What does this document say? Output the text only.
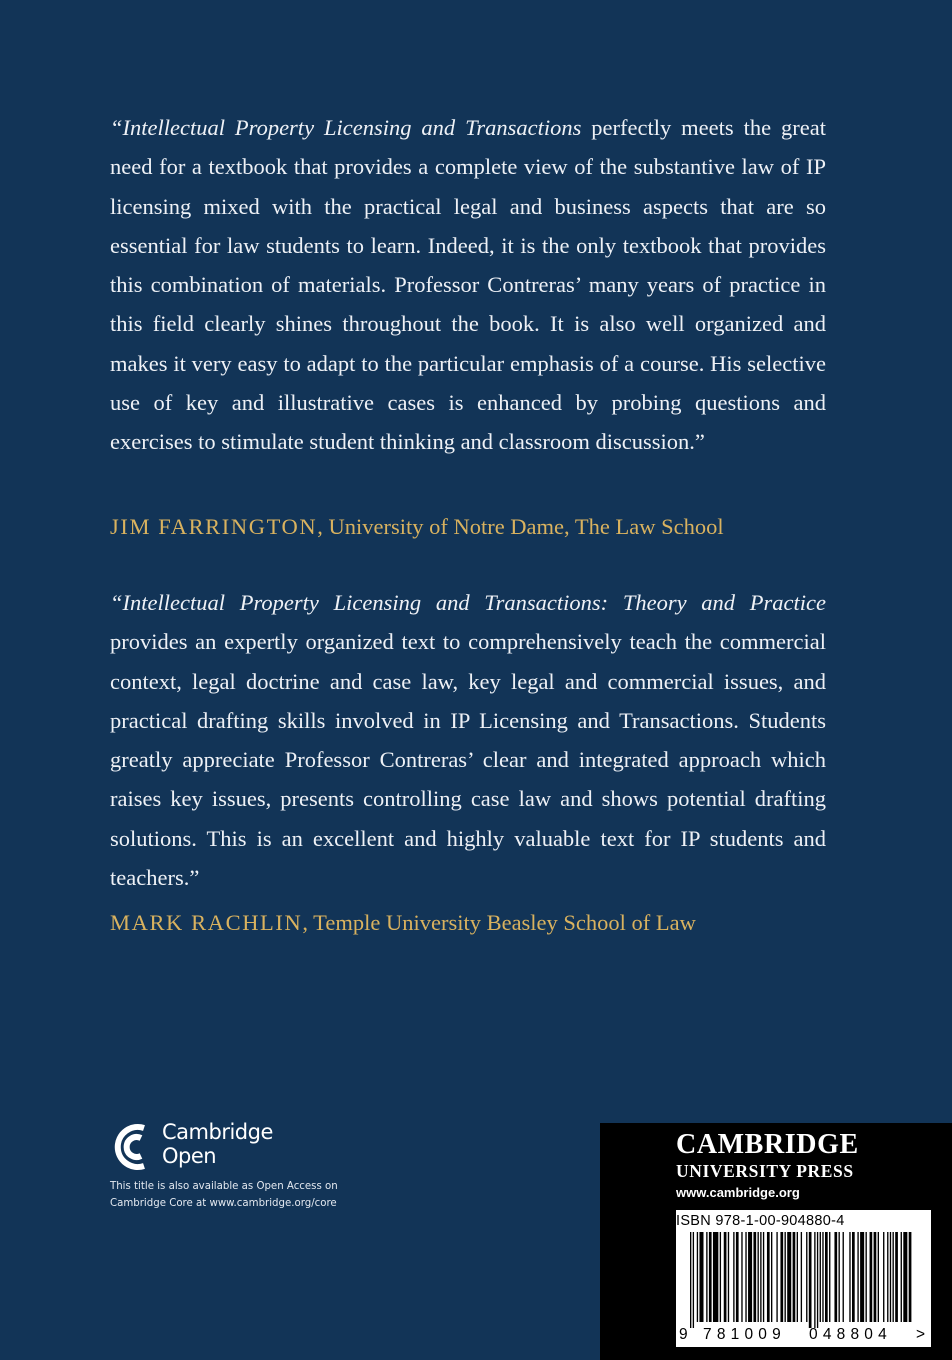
“Intellectual Property Licensing and Transactions perfectly meets the great need for a textbook that provides a complete view of the substantive law of IP licensing mixed with the practical legal and business aspects that are so essential for law students to learn. Indeed, it is the only textbook that provides this combination of materials. Professor Contreras’ many years of practice in this field clearly shines throughout the book. It is also well organized and makes it very easy to adapt to the particular emphasis of a course. His selective use of key and illustrative cases is enhanced by probing questions and exercises to stimulate student thinking and classroom discussion.”

JIM FARRINGTON, University of Notre Dame, The Law School

“Intellectual Property Licensing and Transactions: Theory and Practice provides an expertly organized text to comprehensively teach the commercial context, legal doctrine and case law, key legal and commercial issues, and practical drafting skills involved in IP Licensing and Transactions. Students greatly appreciate Professor Contreras’ clear and integrated approach which raises key issues, presents controlling case law and shows potential drafting solutions. This is an excellent and highly valuable text for IP students and teachers.”

MARK RACHLIN, Temple University Beasley School of Law
Cambridge
Open
This title is also available as Open Access on
Cambridge Core at www.cambridge.org/core
CAMBRIDGE
UNIVERSITY PRESS
www.cambridge.org
ISBN 978-1-00-904880-4
9 781009 048804 >
